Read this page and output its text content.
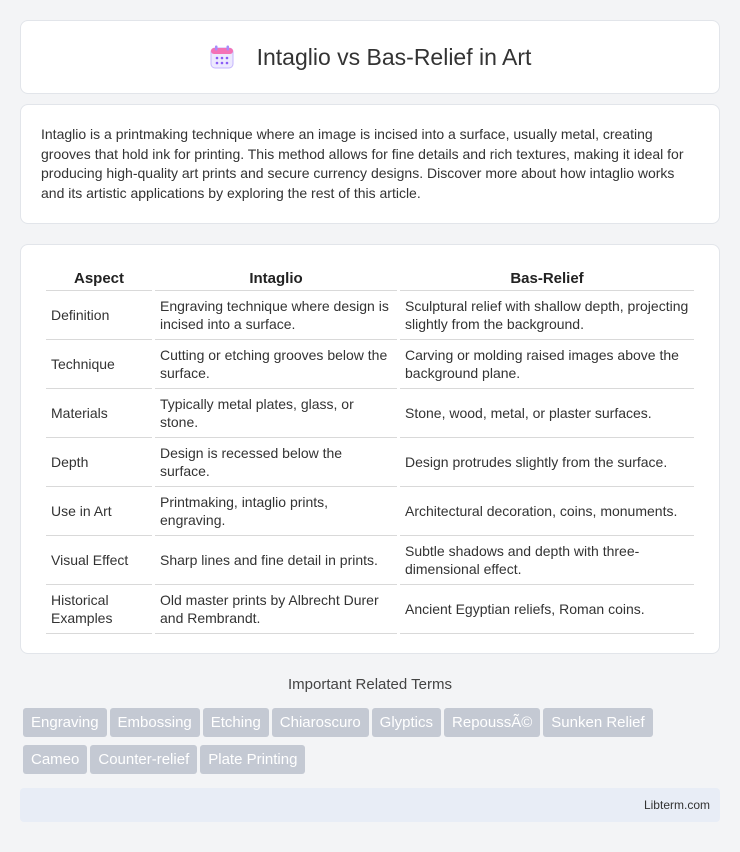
Intaglio vs Bas-Relief in Art

Intaglio is a printmaking technique where an image is incised into a surface, usually metal, creating grooves that hold ink for printing. This method allows for fine details and rich textures, making it ideal for producing high-quality art prints and secure currency designs. Discover more about how intaglio works and its artistic applications by exploring the rest of this article.

Aspect	Intaglio	Bas-Relief
Definition	Engraving technique where design is incised into a surface.	Sculptural relief with shallow depth, projecting slightly from the background.
Technique	Cutting or etching grooves below the surface.	Carving or molding raised images above the background plane.
Materials	Typically metal plates, glass, or stone.	Stone, wood, metal, or plaster surfaces.
Depth	Design is recessed below the surface.	Design protrudes slightly from the surface.
Use in Art	Printmaking, intaglio prints, engraving.	Architectural decoration, coins, monuments.
Visual Effect	Sharp lines and fine detail in prints.	Subtle shadows and depth with three-dimensional effect.
Historical Examples	Old master prints by Albrecht Durer and Rembrandt.	Ancient Egyptian reliefs, Roman coins.
Important Related Terms
Engraving Embossing Etching Chiaroscuro Glyptics RepoussÃ© Sunken Relief
Cameo Counter-relief Plate Printing
Libterm.com
